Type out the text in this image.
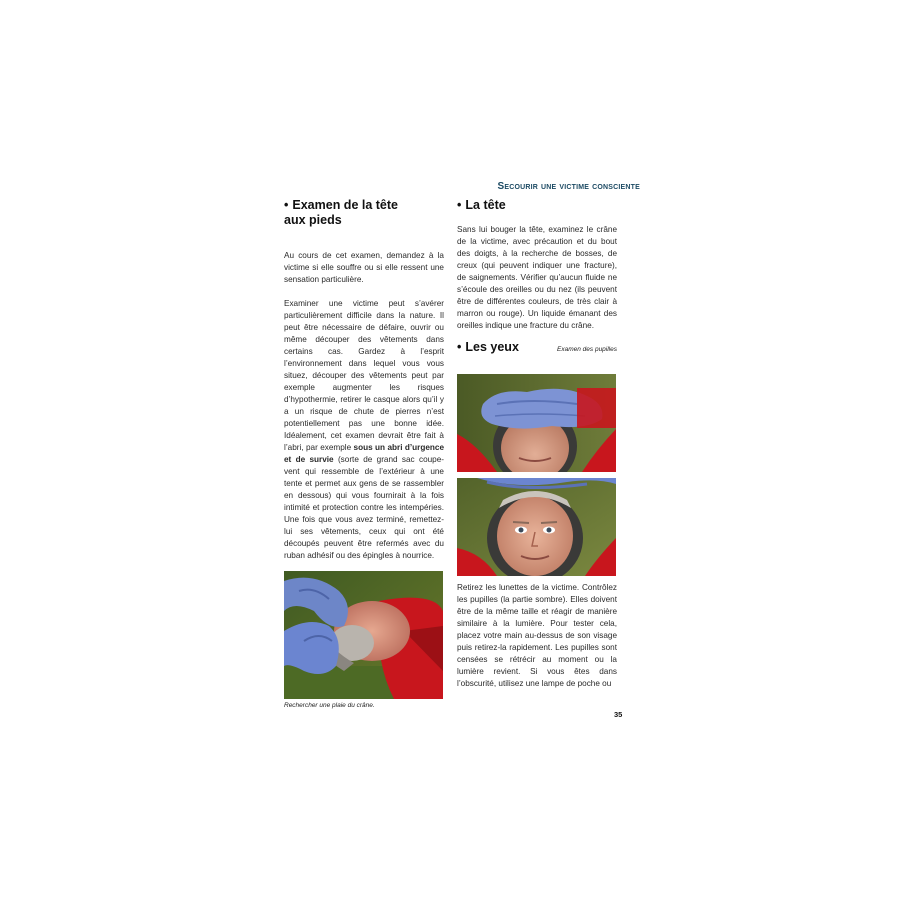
Secourir une victime consciente
• Examen de la tête
aux pieds

Au cours de cet examen, demandez à la victime si elle souffre ou si elle ressent une sensation particulière.

Examiner une victime peut s’avérer particulièrement difficile dans la nature. Il peut être nécessaire de défaire, ouvrir ou même découper des vêtements dans certains cas. Gardez à l’esprit l’environnement dans lequel vous vous situez, découper des vêtements peut par exemple augmenter les risques d’hypothermie, retirer le casque alors qu’il y a un risque de chute de pierres n’est potentiellement pas une bonne idée. Idéalement, cet examen devrait être fait à l’abri, par exemple sous un abri d’urgence et de survie (sorte de grand sac coupe-vent qui ressemble de l’extérieur à une tente et permet aux gens de se rassembler en dessous) qui vous fournirait à la fois intimité et protection contre les intempéries. Une fois que vous avez terminé, remettez-lui ses vêtements, ceux qui ont été découpés peuvent être refermés avec du ruban adhésif ou des épingles à nourrice.

Rechercher une plaie du crâne.
• La tête

Sans lui bouger la tête, examinez le crâne de la victime, avec précaution et du bout des doigts, à la recherche de bosses, de creux (qui peuvent indiquer une fracture), de saignements. Vérifier qu’aucun fluide ne s’écoule des oreilles ou du nez (ils peuvent être de différentes couleurs, de très clair à marron ou rouge). Un liquide émanant des oreilles indique une fracture du crâne.

• Les yeux	Examen des pupilles

Retirez les lunettes de la victime. Contrôlez les pupilles (la partie sombre). Elles doivent être de la même taille et réagir de manière similaire à la lumière. Pour tester cela, placez votre main au-dessus de son visage puis retirez-la rapidement. Les pupilles sont censées se rétrécir au moment ou la lumière revient. Si vous êtes dans l’obscurité, utilisez une lampe de poche ou

35
